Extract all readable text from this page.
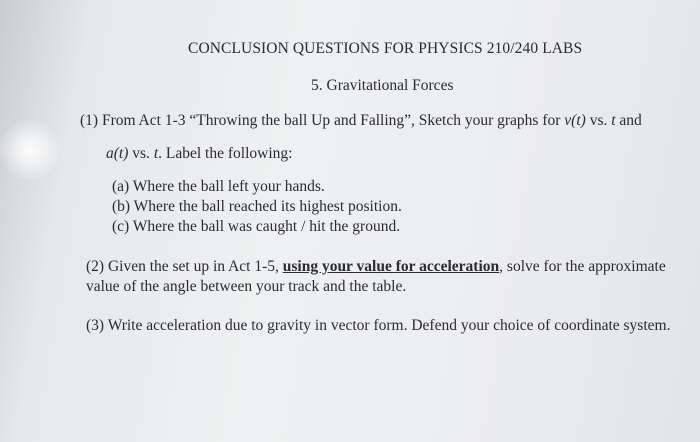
CONCLUSION QUESTIONS FOR PHYSICS 210/240 LABS
5. Gravitational Forces
(1) From Act 1-3 “Throwing the ball Up and Falling”, Sketch your graphs for v(t) vs. t and
a(t) vs. t. Label the following:
(a) Where the ball left your hands.
(b) Where the ball reached its highest position.
(c) Where the ball was caught / hit the ground.
(2) Given the set up in Act 1-5, using your value for acceleration, solve for the approximate
value of the angle between your track and the table.
(3) Write acceleration due to gravity in vector form. Defend your choice of coordinate system.
